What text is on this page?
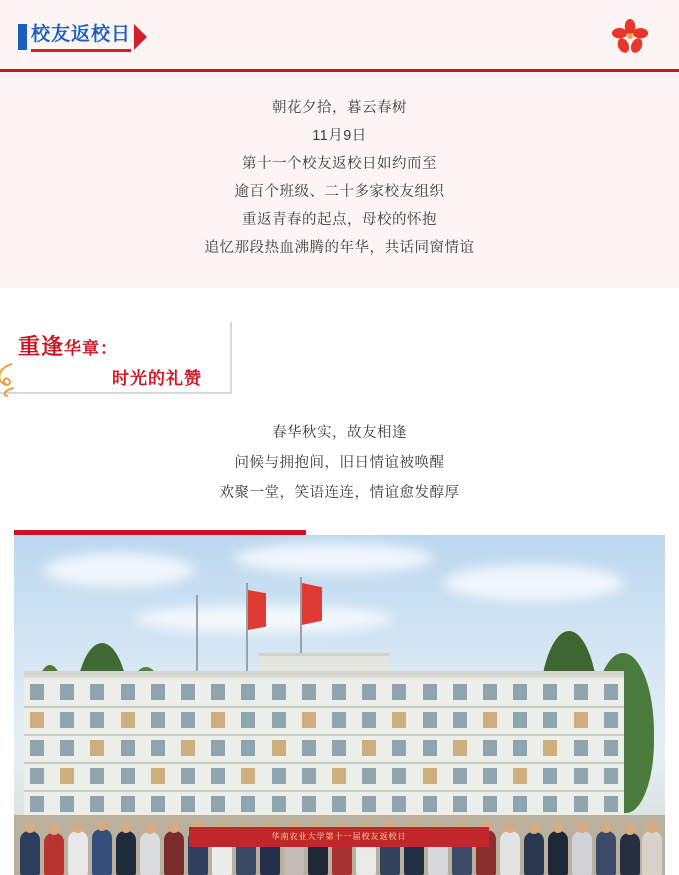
校友返校日
朝花夕拾，暮云春树
11月9日
第十一个校友返校日如约而至
逾百个班级、二十多家校友组织
重返青春的起点，母校的怀抱
追忆那段热血沸腾的年华，共话同窗情谊
重逢华章：
时光的礼赞
春华秋实，故友相逢
问候与拥抱间，旧日情谊被唤醒
欢聚一堂，笑语连连，情谊愈发醇厚
华南农业大学第十一届校友返校日
